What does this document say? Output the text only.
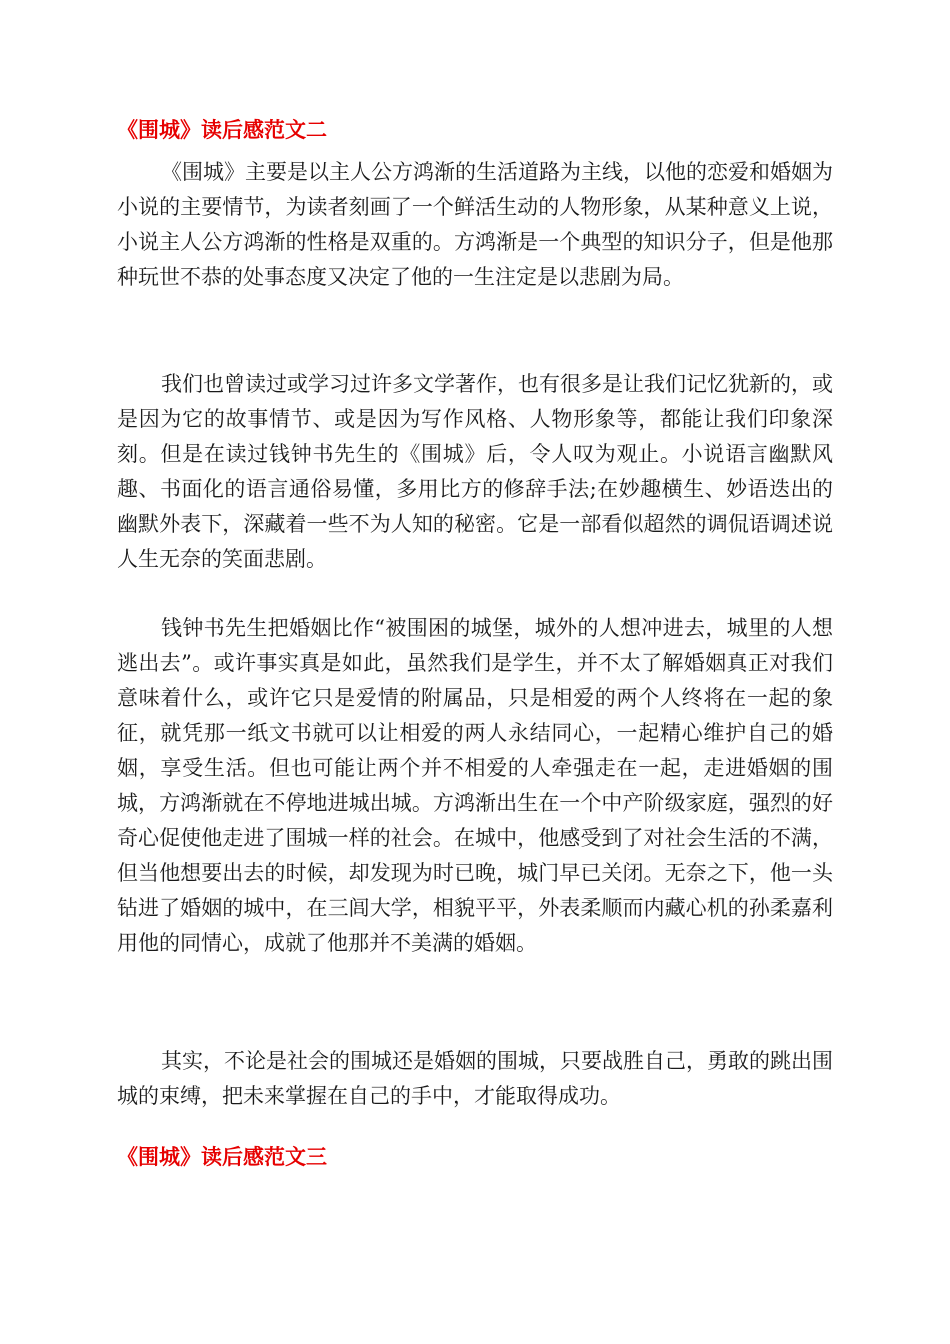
《围城》读后感范文二

《围城》主要是以主人公方鸿渐的生活道路为主线，以他的恋爱和婚姻为小说的主要情节，为读者刻画了一个鲜活生动的人物形象，从某种意义上说，小说主人公方鸿渐的性格是双重的。方鸿渐是一个典型的知识分子，但是他那种玩世不恭的处事态度又决定了他的一生注定是以悲剧为局。

我们也曾读过或学习过许多文学著作，也有很多是让我们记忆犹新的，或是因为它的故事情节、或是因为写作风格、人物形象等，都能让我们印象深刻。但是在读过钱钟书先生的《围城》后，令人叹为观止。小说语言幽默风趣、书面化的语言通俗易懂，多用比方的修辞手法;在妙趣横生、妙语迭出的幽默外表下，深藏着一些不为人知的秘密。它是一部看似超然的调侃语调述说人生无奈的笑面悲剧。

钱钟书先生把婚姻比作“被围困的城堡，城外的人想冲进去，城里的人想逃出去”。或许事实真是如此，虽然我们是学生，并不太了解婚姻真正对我们意味着什么，或许它只是爱情的附属品，只是相爱的两个人终将在一起的象征，就凭那一纸文书就可以让相爱的两人永结同心，一起精心维护自己的婚姻，享受生活。但也可能让两个并不相爱的人牵强走在一起，走进婚姻的围城，方鸿渐就在不停地进城出城。方鸿渐出生在一个中产阶级家庭，强烈的好奇心促使他走进了围城一样的社会。在城中，他感受到了对社会生活的不满，但当他想要出去的时候，却发现为时已晚，城门早已关闭。无奈之下，他一头钻进了婚姻的城中，在三闾大学，相貌平平，外表柔顺而内藏心机的孙柔嘉利用他的同情心，成就了他那并不美满的婚姻。

其实，不论是社会的围城还是婚姻的围城，只要战胜自己，勇敢的跳出围城的束缚，把未来掌握在自己的手中，才能取得成功。

《围城》读后感范文三
